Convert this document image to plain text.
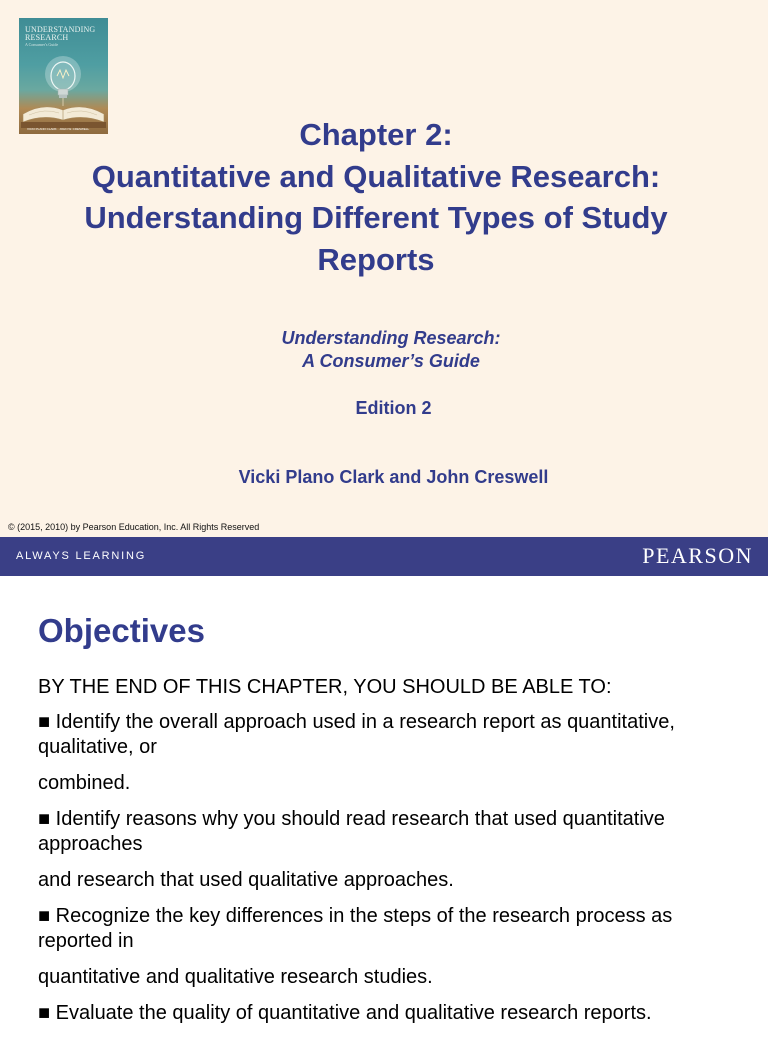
UNDERSTANDING
RESEARCH
A Consumer's Guide
VICKI PLANO CLARK · JOHN W. CRESWELL	Chapter 2:
Quantitative and Qualitative Research:
Understanding Different Types of Study
Reports
Understanding Research:
A Consumer’s Guide
Edition 2
Vicki Plano Clark and John Creswell
© (2015, 2010) by Pearson Education, Inc. All Rights Reserved
ALWAYS LEARNING	PEARSON
Objectives

BY THE END OF THIS CHAPTER, YOU SHOULD BE ABLE TO:

■ Identify the overall approach used in a research report as quantitative, qualitative, or

combined.

■ Identify reasons why you should read research that used quantitative approaches

and research that used qualitative approaches.

■ Recognize the key differences in the steps of the research process as reported in

quantitative and qualitative research studies.

■ Evaluate the quality of quantitative and qualitative research reports.
